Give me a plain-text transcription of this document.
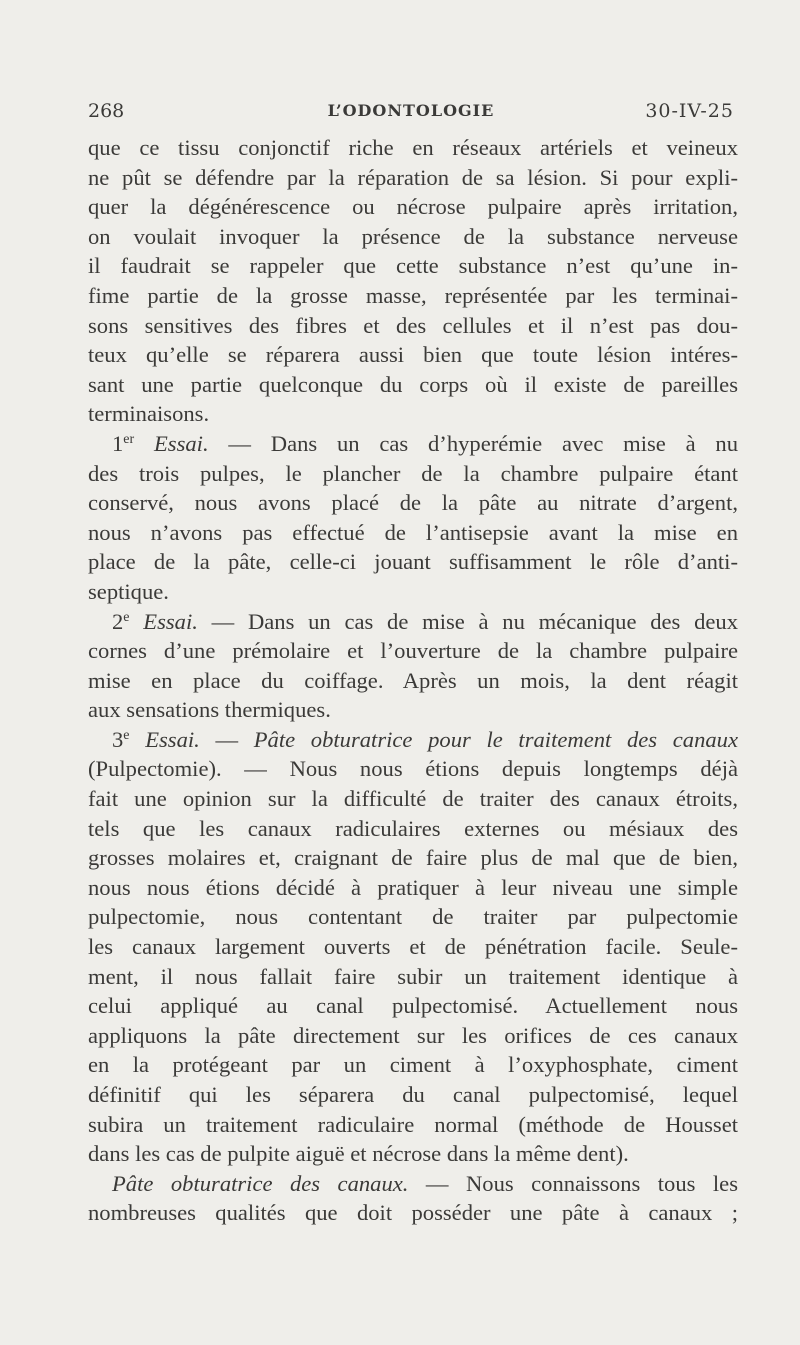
268	L’ODONTOLOGIE	30-IV-25
que ce tissu conjonctif riche en réseaux artériels et veineux
ne pût se défendre par la réparation de sa lésion. Si pour expli-
quer la dégénérescence ou nécrose pulpaire après irritation,
on voulait invoquer la présence de la substance nerveuse
il faudrait se rappeler que cette substance n’est qu’une in-
fime partie de la grosse masse, représentée par les terminai-
sons sensitives des fibres et des cellules et il n’est pas dou-
teux qu’elle se réparera aussi bien que toute lésion intéres-
sant une partie quelconque du corps où il existe de pareilles
terminaisons.
1er Essai. — Dans un cas d’hyperémie avec mise à nu
des trois pulpes, le plancher de la chambre pulpaire étant
conservé, nous avons placé de la pâte au nitrate d’argent,
nous n’avons pas effectué de l’antisepsie avant la mise en
place de la pâte, celle-ci jouant suffisamment le rôle d’anti-
septique.
2e Essai. — Dans un cas de mise à nu mécanique des deux
cornes d’une prémolaire et l’ouverture de la chambre pulpaire
mise en place du coiffage. Après un mois, la dent réagit
aux sensations thermiques.
3e Essai. — Pâte obturatrice pour le traitement des canaux
(Pulpectomie). — Nous nous étions depuis longtemps déjà
fait une opinion sur la difficulté de traiter des canaux étroits,
tels que les canaux radiculaires externes ou mésiaux des
grosses molaires et, craignant de faire plus de mal que de bien,
nous nous étions décidé à pratiquer à leur niveau une simple
pulpectomie, nous contentant de traiter par pulpectomie
les canaux largement ouverts et de pénétration facile. Seule-
ment, il nous fallait faire subir un traitement identique à
celui appliqué au canal pulpectomisé. Actuellement nous
appliquons la pâte directement sur les orifices de ces canaux
en la protégeant par un ciment à l’oxyphosphate, ciment
définitif qui les séparera du canal pulpectomisé, lequel
subira un traitement radiculaire normal (méthode de Housset
dans les cas de pulpite aiguë et nécrose dans la même dent).
Pâte obturatrice des canaux. — Nous connaissons tous les
nombreuses qualités que doit posséder une pâte à canaux ;
